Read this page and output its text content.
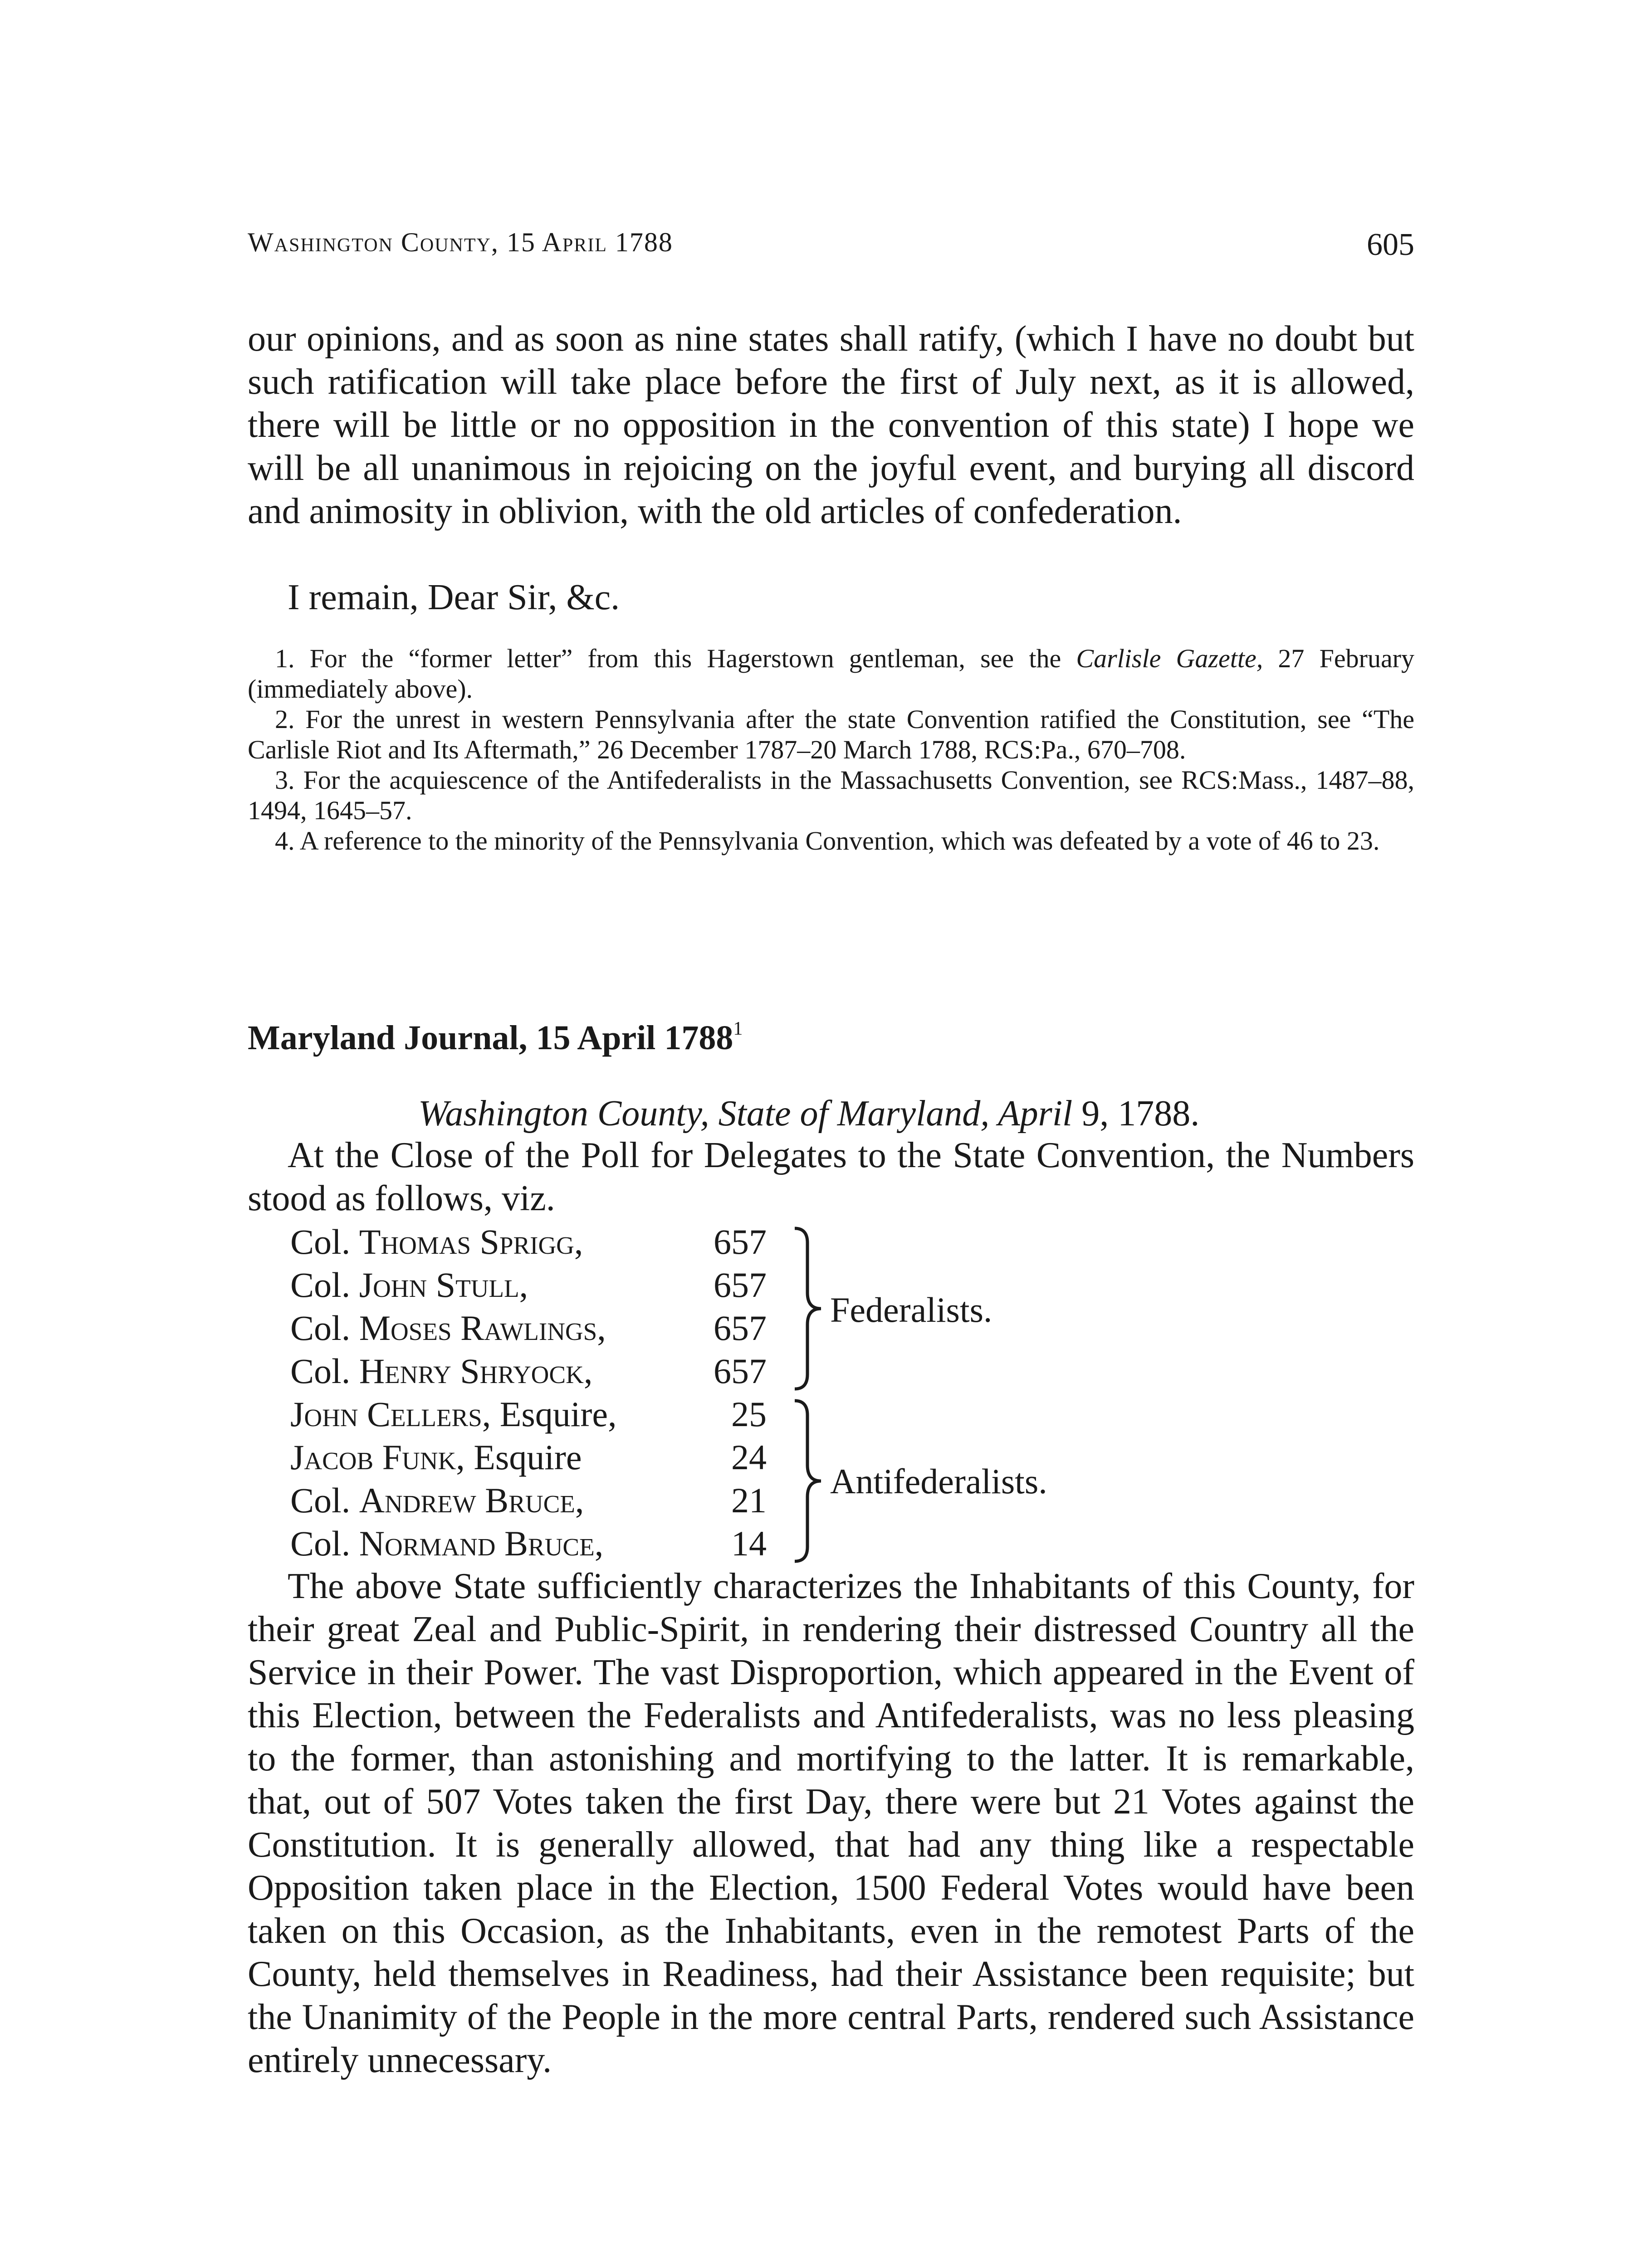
Washington County, 15 April 1788	605

our opinions, and as soon as nine states shall ratify, (which I have no doubt but such ratification will take place before the first of July next, as it is allowed, there will be little or no opposition in the convention of this state) I hope we will be all unanimous in rejoicing on the joyful event, and burying all discord and animosity in oblivion, with the old articles of confederation.

I remain, Dear Sir, &c.

1. For the “former letter” from this Hagerstown gentleman, see the Carlisle Gazette, 27 February (immediately above).

2. For the unrest in western Pennsylvania after the state Convention ratified the Constitution, see “The Carlisle Riot and Its Aftermath,” 26 December 1787–20 March 1788, RCS:Pa., 670–708.

3. For the acquiescence of the Antifederalists in the Massachusetts Convention, see RCS:Mass., 1487–88, 1494, 1645–57.

4. A reference to the minority of the Pennsylvania Convention, which was defeated by a vote of 46 to 23.

Maryland Journal, 15 April 1788$^1$

Washington County, State of Maryland, April 9, 1788.

At the Close of the Poll for Delegates to the State Convention, the Numbers stood as follows, viz.

Col. Thomas Sprigg,	657
Col. John Stull,	657
Col. Moses Rawlings,	657
Col. Henry Shryock,	657
John Cellers, Esquire,	25
Jacob Funk, Esquire	24
Col. Andrew Bruce,	21
Col. Normand Bruce,	14
Federalists.
Antifederalists.

The above State sufficiently characterizes the Inhabitants of this County, for their great Zeal and Public-Spirit, in rendering their distressed Country all the Service in their Power. The vast Disproportion, which appeared in the Event of this Election, between the Federalists and Antifederalists, was no less pleasing to the former, than astonishing and mortifying to the latter. It is remarkable, that, out of 507 Votes taken the first Day, there were but 21 Votes against the Constitution. It is generally allowed, that had any thing like a respectable Opposition taken place in the Election, 1500 Federal Votes would have been taken on this Occasion, as the Inhabitants, even in the remotest Parts of the County, held themselves in Readiness, had their Assistance been requisite; but the Unanimity of the People in the more central Parts, rendered such Assistance entirely unnecessary.
